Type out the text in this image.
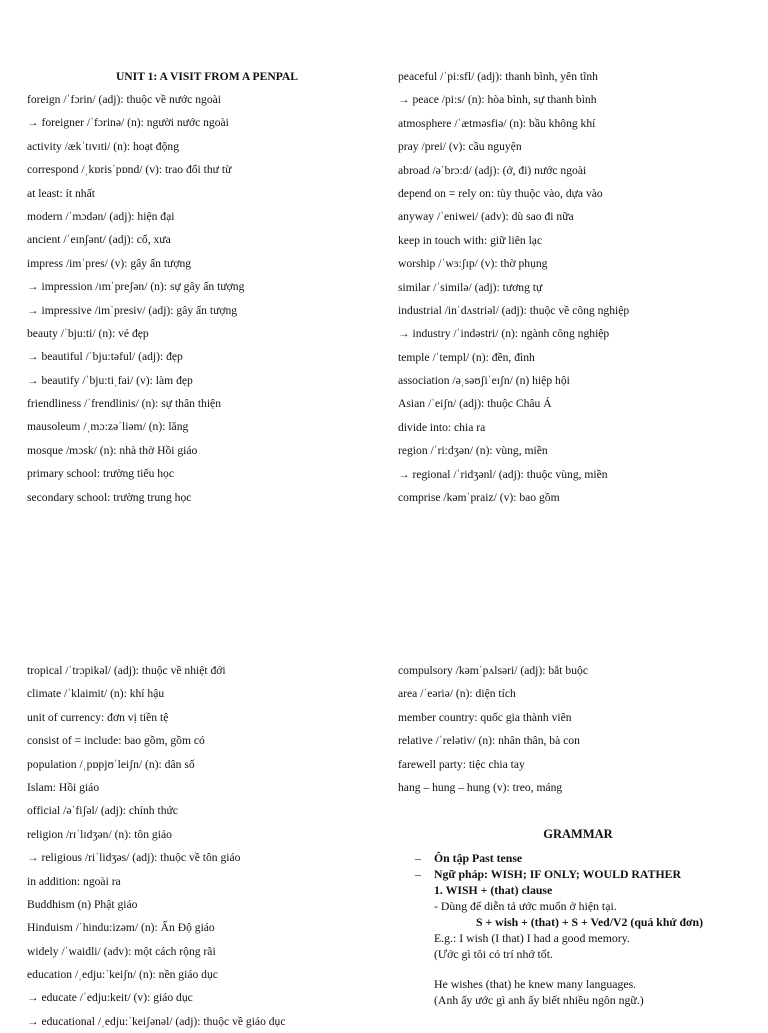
UNIT 1: A VISIT FROM A PENPAL
foreign /ˈfɔrin/ (adj): thuộc về nước ngoài
→ foreigner /ˈfɔrinə/ (n): người nước ngoài
activity /ækˈtɪvɪti/ (n): hoạt động
correspond /ˌkɒrisˈpɒnd/ (v): trao đổi thư từ
at least: ít nhất
modern /ˈmɔdən/ (adj): hiện đại
ancient /ˈeɪnʃənt/ (adj): cổ, xưa
impress /imˈpres/ (v): gây ấn tượng
→ impression /ɪmˈpreʃən/ (n): sự gây ấn tượng
→ impressive /imˈpresiv/ (adj): gây ấn tượng
beauty /ˈbju:ti/ (n): vẻ đẹp
→ beautiful /ˈbju:təful/ (adj): đẹp
→ beautify /ˈbju:tiˌfai/ (v): làm đẹp
friendliness /ˈfrendlinis/ (n): sự thân thiện
mausoleum /ˌmɔ:zəˈliəm/ (n): lăng
mosque /mɔsk/ (n): nhà thờ Hồi giáo
primary school: trường tiểu học
secondary school: trường trung học
peaceful /ˈpi:sfl/ (adj): thanh bình, yên tĩnh
→ peace /pi:s/ (n): hòa bình, sự thanh bình
atmosphere /ˈætməsfiə/ (n): bầu không khí
pray /prei/ (v): cầu nguyện
abroad /əˈbrɔ:d/ (adj): (ở, đi) nước ngoài
depend on = rely on: tùy thuộc vào, dựa vào
anyway /ˈeniwei/ (adv): dù sao đi nữa
keep in touch with: giữ liên lạc
worship /ˈwɜ:ʃɪp/ (v): thờ phụng
similar /ˈsimilə/ (adj): tương tự
industrial /inˈdʌstriəl/ (adj): thuộc về công nghiệp
→ industry /ˈindəstri/ (n): ngành công nghiệp
temple /ˈtempl/ (n): đền, đình
association /əˌsəʊʃiˈeɪʃn/ (n) hiệp hội
Asian /ˈeiʃn/ (adj): thuộc Châu Á
divide into: chia ra
region /ˈri:dʒən/ (n): vùng, miền
→ regional /ˈridʒənl/ (adj): thuộc vùng, miền
comprise /kəmˈpraiz/ (v): bao gồm
tropical /ˈtrɔpikəl/ (adj): thuộc về nhiệt đới
climate /ˈklaimit/ (n): khí hậu
unit of currency: đơn vị tiền tệ
consist of = include: bao gồm, gồm có
population /ˌpɒpjʊˈleiʃn/ (n): dân số
Islam: Hồi giáo
official /əˈfiʃəl/ (adj): chính thức
religion /rɪˈlɪdʒən/ (n): tôn giáo
→ religious /riˈlidʒəs/ (adj): thuộc về tôn giáo
in addition: ngoài ra
Buddhism (n) Phật giáo
Hinduism /ˈhindu:izəm/ (n): Ấn Độ giáo
widely /ˈwaidli/ (adv): một cách rộng rãi
education /ˌedju:ˈkeiʃn/ (n): nền giáo dục
→ educate /ˈedju:keit/ (v): giáo dục
→ educational /ˌedju:ˈkeiʃənəl/ (adj): thuộc về giáo dục
compulsory /kəmˈpʌlsəri/ (adj): bắt buộc
area /ˈeəriə/ (n): diện tích
member country: quốc gia thành viên
relative /ˈrelətiv/ (n): nhân thân, bà con
farewell party: tiệc chia tay
hang – hung – hung (v): treo, máng
GRAMMAR
– Ôn tập Past tense
– Ngữ pháp: WISH; IF ONLY; WOULD RATHER
1. WISH + (that) clause
- Dùng để diễn tả ước muốn ở hiện tại.
S + wish + (that) + S + Ved/V2 (quá khứ đơn)
E.g.: I wish (I that) I had a good memory.
(Ước gì tôi có trí nhớ tốt.
He wishes (that) he knew many languages.
(Anh ấy ước gì anh ấy biết nhiều ngôn ngữ.)
